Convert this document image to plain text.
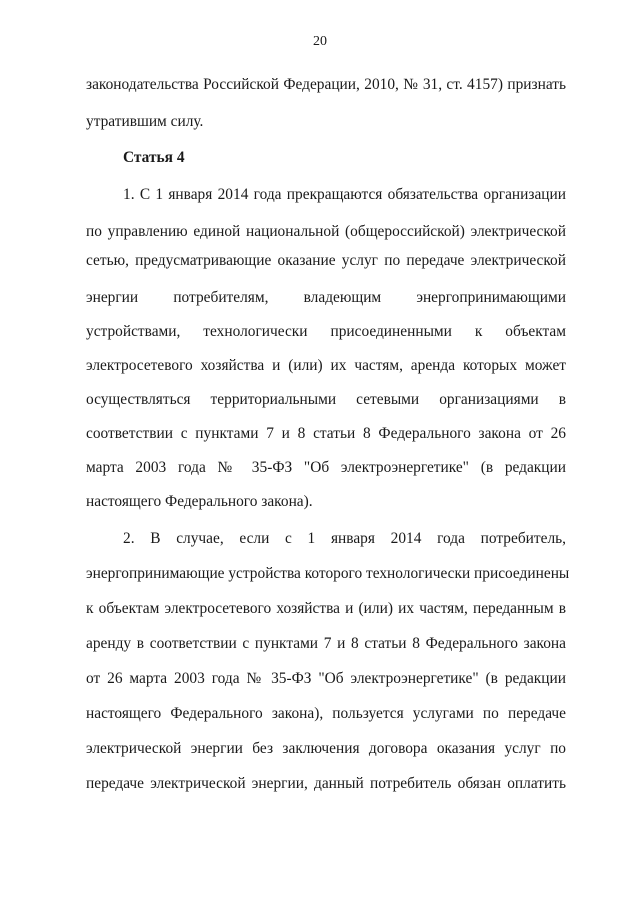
20
законодательства Российской Федерации, 2010, № 31, ст. 4157) признать
утратившим силу.
Статья 4
1. С 1 января 2014 года прекращаются обязательства организации
по управлению единой национальной (общероссийской) электрической
сетью, предусматривающие оказание услуг по передаче электрической
энергии потребителям, владеющим энергопринимающими
устройствами, технологически присоединенными к объектам
электросетевого хозяйства и (или) их частям, аренда которых может
осуществляться территориальными сетевыми организациями в
соответствии с пунктами 7 и 8 статьи 8 Федерального закона от 26
марта 2003 года № 35-ФЗ "Об электроэнергетике" (в редакции
настоящего Федерального закона).
2. В случае, если с 1 января 2014 года потребитель,
энергопринимающие устройства которого технологически присоединены
к объектам электросетевого хозяйства и (или) их частям, переданным в
аренду в соответствии с пунктами 7 и 8 статьи 8 Федерального закона
от 26 марта 2003 года № 35-ФЗ "Об электроэнергетике" (в редакции
настоящего Федерального закона), пользуется услугами по передаче
электрической энергии без заключения договора оказания услуг по
передаче электрической энергии, данный потребитель обязан оплатить
